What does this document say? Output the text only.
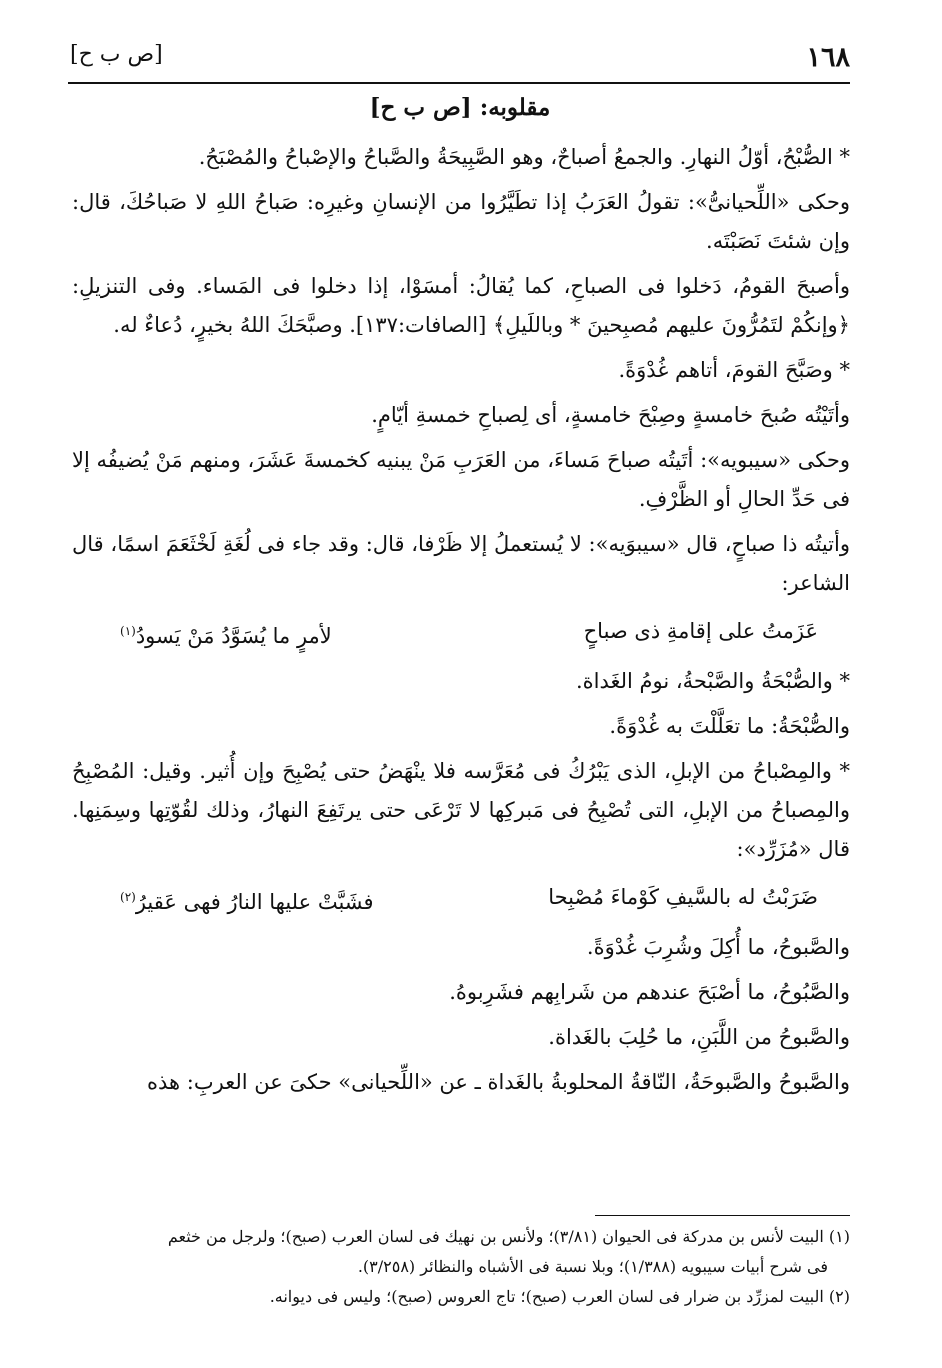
١٦٨
[ص ب ح]
مقلوبه: [ص ب ح]

* الصُّبْحُ، أوّلُ النهارِ. والجمعُ أصباحٌ، وهو الصَّبِيحَةُ والصَّباحُ والإصْباحُ والمُصْبَحُ.

وحكى «اللِّحيانىُّ»: تقولُ العَرَبُ إذا تطَيَّرُوا من الإنسانِ وغيرِه: صَباحُ اللهِ لا صَباحُكَ، قال: وإن شئتَ نَصَبْتَه.

وأصبحَ القومُ، دَخلوا فى الصباحِ، كما يُقالُ: أمسَوْا، إذا دخلوا فى المَساء. وفى التنزيلِ: ﴿وإنكُمْ لتَمُرُّونَ عليهم مُصبِحينَ * وباللَيلِ﴾ [الصافات:١٣٧]. وصبَّحَكَ اللهُ بخيرٍ، دُعاءٌ له.

* وصَبَّحَ القومَ، أتاهم غُدْوَةً.

وأتَيْتُه صُبحَ خامسةٍ وصِبْحَ خامسةٍ، أى لِصباحِ خمسةِ أيّامٍ.

وحكى «سيبويه»: أتَيتُه صباحَ مَساءَ، من العَرَبِ مَنْ يبنيه كخمسةَ عَشَرَ، ومنهم مَنْ يُضيفُه إلا فى حَدِّ الحالِ أو الظَّرْفِ.

وأتيتُه ذا صباحٍ، قال «سيبوَيه»: لا يُستعملُ إلا ظَرْفا، قال: وقد جاء فى لُغَةِ لَخْثَعَمَ اسمًا، قال الشاعر:

عَزَمتُ على إقامةِ ذى صباحٍ
لأمرٍ ما يُسَوَّدُ مَنْ يَسودُ$^{(١)}$

* والصُّبْحَةُ والصَّبْحةُ، نومُ الغَداة.

والصُّبْحَةُ: ما تعَلَّلْتَ به غُدْوَةً.

* والمِصْباحُ من الإبلِ، الذى يَبْرُكُ فى مُعَرَّسه فلا ينْهَضُ حتى يُصْبِحَ وإن أُثير. وقيل: المُصْبِحُ والمِصباحُ من الإبلِ، التى تُصْبِحُ فى مَبركِها لا تَرْعَى حتى يرتَفِعَ النهارُ، وذلك لقُوّتِها وسِمَنِها. قال «مُزَرِّد»:

ضَرَبْتُ له بالسَّيفِ كَوْماءَ مُصْبِحا
فشَبَّتْ عليها النارُ فهى عَقيرُ$^{(٢)}$

والصَّبوحُ، ما أُكِلَ وشُرِبَ غُدْوَةً.

والصَّبُوحُ، ما أصْبَحَ عندهم من شَرابِهم فشَرِبوهُ.

والصَّبوحُ من اللَّبَنِ، ما حُلِبَ بالغَداة.

والصَّبوحُ والصَّبوحَةُ، النّاقةُ المحلوبةُ بالغَداة ـ عن «اللِّحيانى» حكىَ عن العربِ: هذه

(١) البيت لأنس بن مدركة فى الحيوان (٣/٨١)؛ ولأنس بن نهيك فى لسان العرب (صبح)؛ ولرجل من خثعم

فى شرح أبيات سيبويه (١/٣٨٨)؛ وبلا نسبة فى الأشباه والنظائر (٣/٢٥٨).

(٢) البيت لمزرِّد بن ضرار فى لسان العرب (صبح)؛ تاج العروس (صبح)؛ وليس فى ديوانه.
